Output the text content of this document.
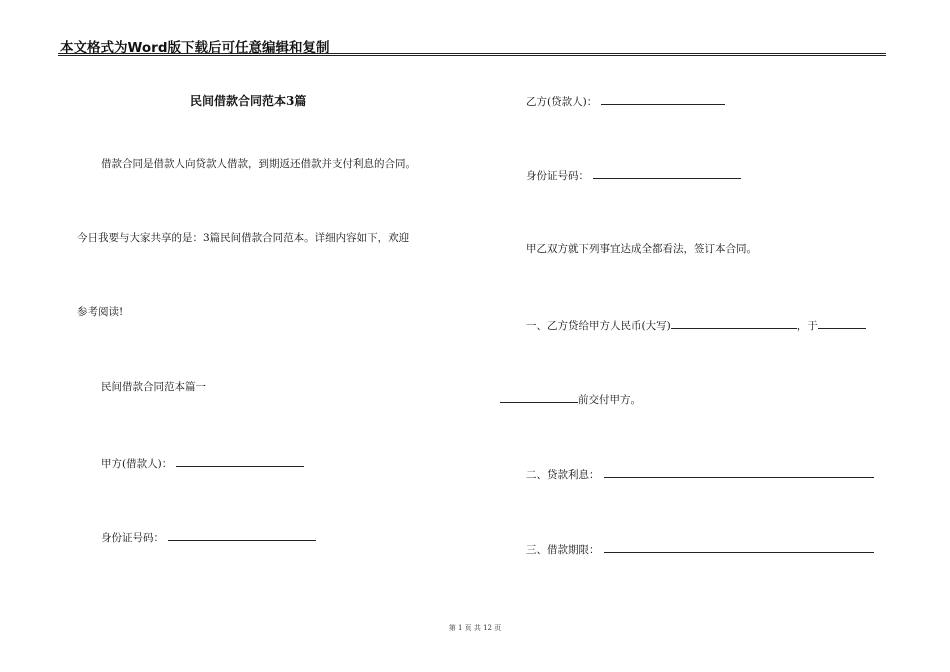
本文格式为Word版下载后可任意编辑和复制
民间借款合同范本3篇
借款合同是借款人向贷款人借款，到期返还借款并支付利息的合同。
今日我要与大家共享的是：3篇民间借款合同范本。详细内容如下，欢迎
参考阅读!
民间借款合同范本篇一
甲方(借款人)：
身份证号码：
乙方(贷款人)：
身份证号码：
甲乙双方就下列事宜达成全都看法，签订本合同。
一、乙方贷给甲方人民币(大写)	，于
前交付甲方。
二、贷款利息：
三、借款期限：
第 1 页 共 12 页
